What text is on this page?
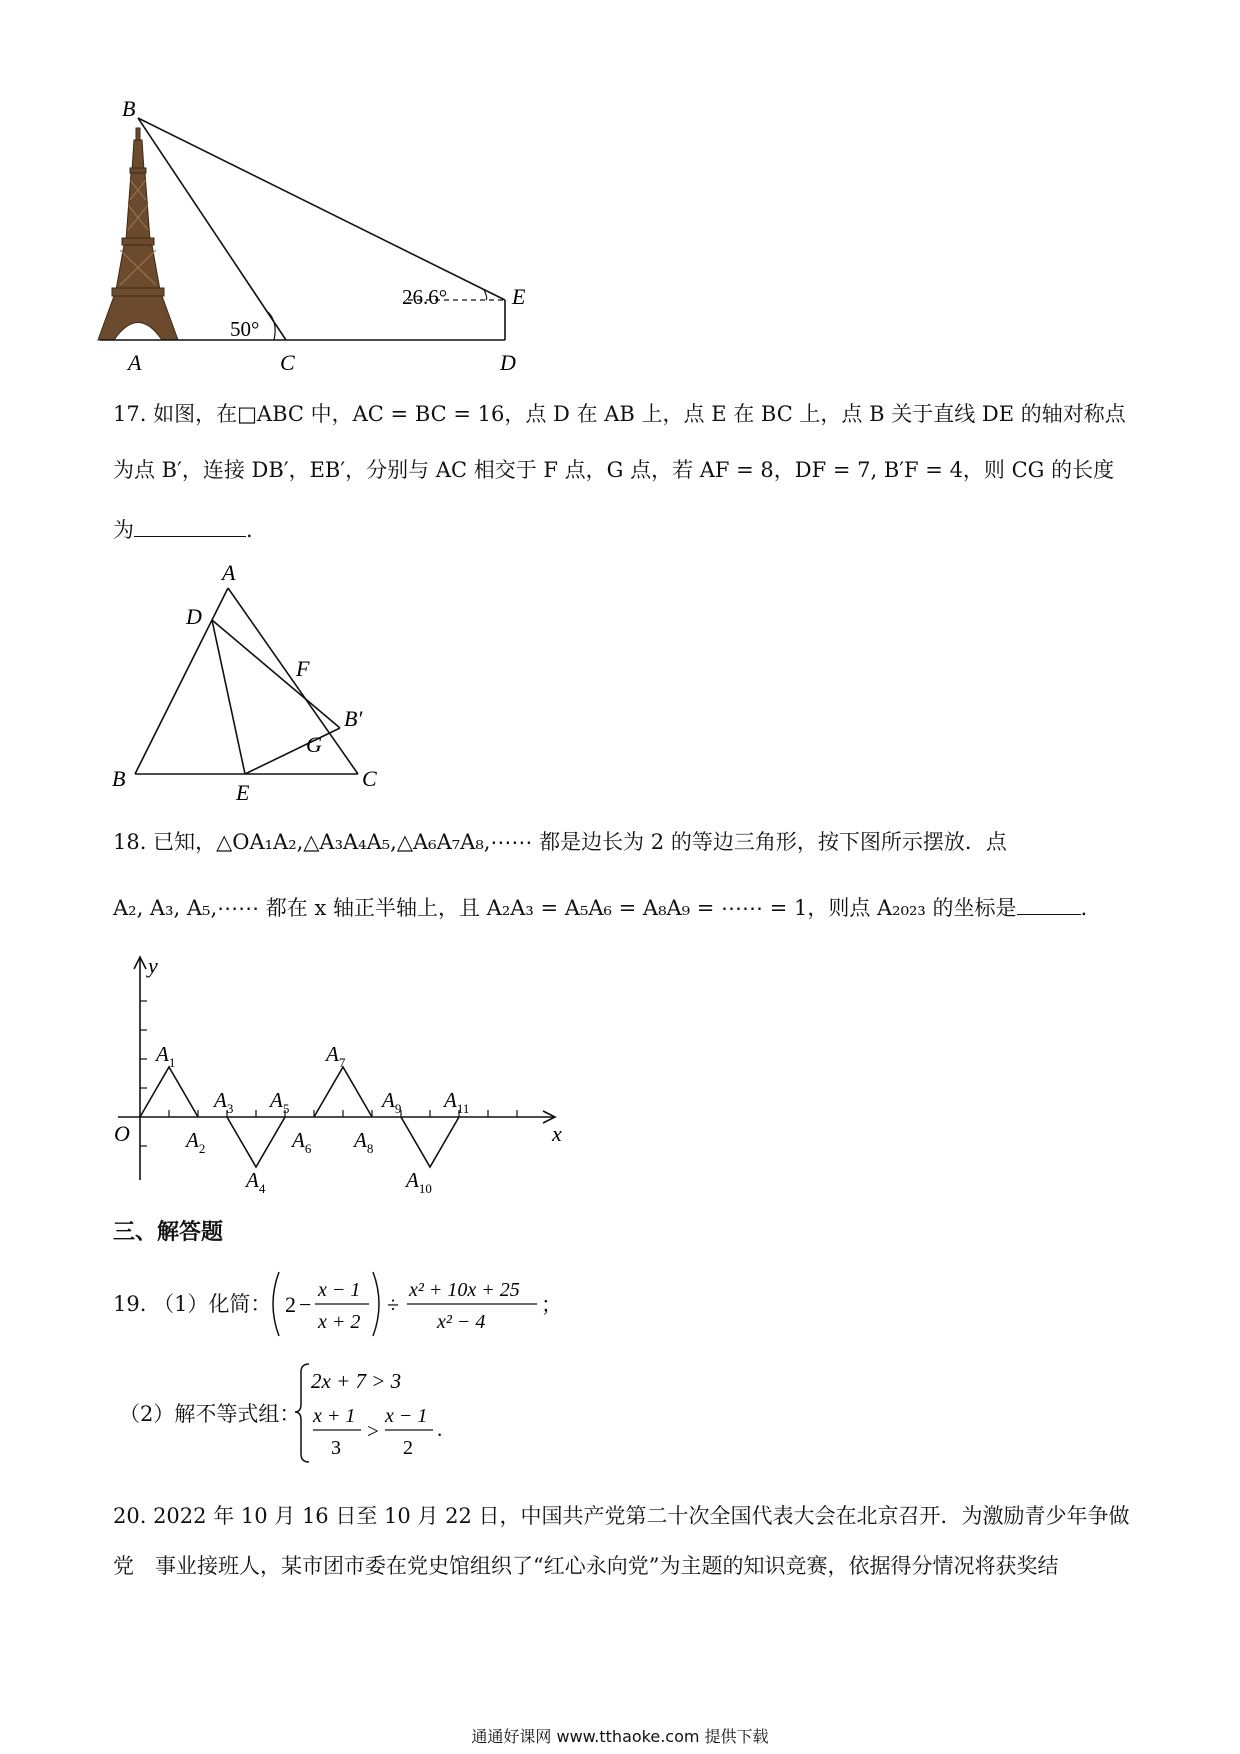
B
A	C	D
E
50°
26.6°
17. 如图，在□ABC 中，AC = BC = 16，点 D 在 AB 上，点 E 在 BC 上，点 B 关于直线 DE 的轴对称点
为点 B′，连接 DB′，EB′，分别与 AC 相交于 F 点，G 点，若 AF = 8，DF = 7, B′F = 4，则 CG 的长度
为	.
A
D
F
B′
G
B
E
C
18. 已知，△OA₁A₂,△A₃A₄A₅,△A₆A₇A₈,⋯⋯ 都是边长为 2 的等边三角形，按下图所示摆放．点
A₂, A₃, A₅,⋯⋯ 都在 x 轴正半轴上，且 A₂A₃ = A₅A₆ = A₈A₉ = ⋯⋯ = 1，则点 A₂₀₂₃ 的坐标是	.
y
x
O
$A_1$
$A_2$
$A_3$
$A_4$
$A_5$
$A_6$
$A_7$
$A_8$
$A_9$
$A_{10}$
$A_{11}$
三、解答题
19. （1）化简： 2 −
x − 1
x + 2
÷
x² + 10x + 25
x² − 4
；
（2）解不等式组：
2x + 7 > 3
x + 1
3
>
x − 1
2
.
20. 2022 年 10 月 16 日至 10 月 22 日，中国共产党第二十次全国代表大会在北京召开．为激励青少年争做
党　事业接班人，某市团市委在党史馆组织了“红心永向党”为主题的知识竞赛，依据得分情况将获奖结
通通好课网 www.tthaoke.com 提供下载
